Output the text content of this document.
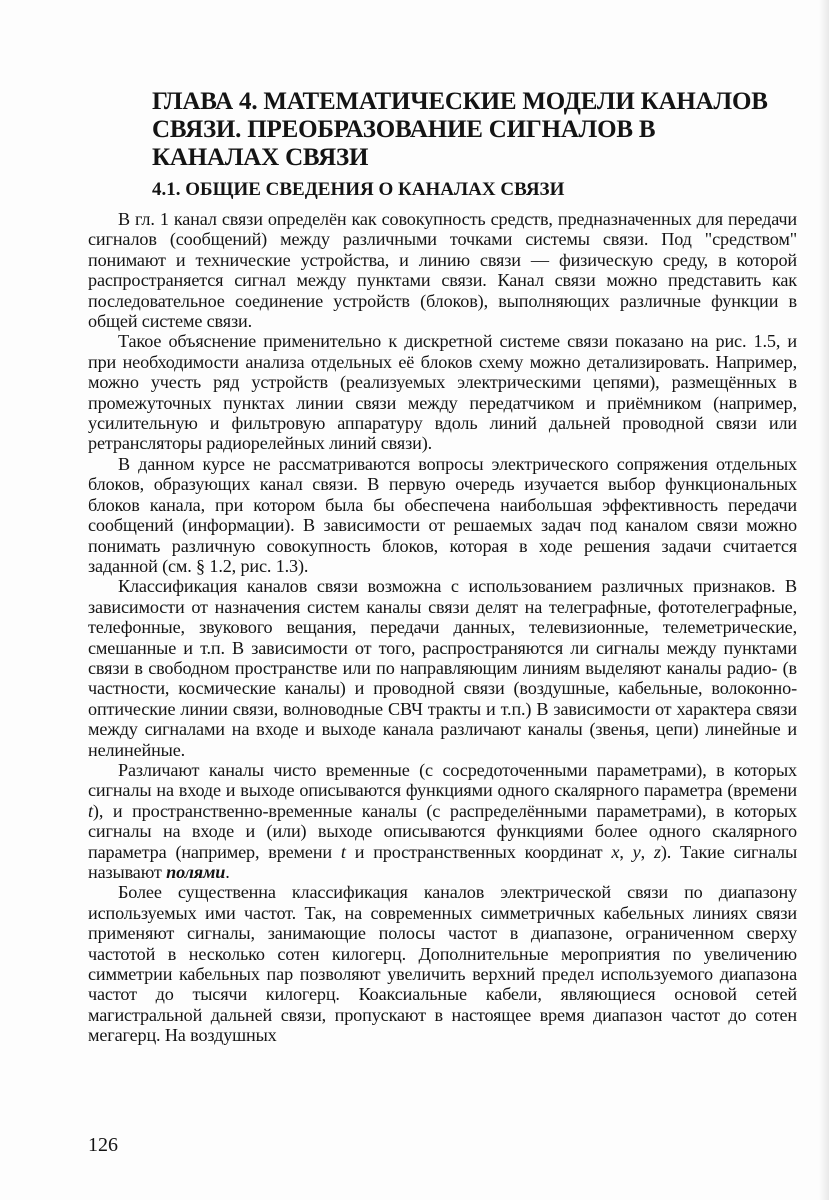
ГЛАВА 4. МАТЕМАТИЧЕСКИЕ МОДЕЛИ КАНАЛОВ СВЯЗИ. ПРЕОБРАЗОВАНИЕ СИГНАЛОВ В КАНАЛАХ СВЯЗИ
4.1. ОБЩИЕ СВЕДЕНИЯ О КАНАЛАХ СВЯЗИ

В гл. 1 канал связи определён как совокупность средств, предназначенных для передачи сигналов (сообщений) между различными точками системы связи. Под "средством" понимают и технические устройства, и линию связи — физическую среду, в которой распространяется сигнал между пунктами связи. Канал связи можно представить как последовательное соединение устройств (блоков), выполняющих различные функции в общей системе связи.

Такое объяснение применительно к дискретной системе связи показано на рис. 1.5, и при необходимости анализа отдельных её блоков схему можно детализировать. Например, можно учесть ряд устройств (реализуемых электрическими цепями), размещённых в промежуточных пунктах линии связи между передатчиком и приёмником (например, усилительную и фильтровую аппаратуру вдоль линий дальней проводной связи или ретрансляторы радиорелейных линий связи).

В данном курсе не рассматриваются вопросы электрического сопряжения отдельных блоков, образующих канал связи. В первую очередь изучается выбор функциональных блоков канала, при котором была бы обеспечена наибольшая эффективность передачи сообщений (информации). В зависимости от решаемых задач под каналом связи можно понимать различную совокупность блоков, которая в ходе решения задачи считается заданной (см. § 1.2, рис. 1.3).

Классификация каналов связи возможна с использованием различных признаков. В зависимости от назначения систем каналы связи делят на телеграфные, фототелеграфные, телефонные, звукового вещания, передачи данных, телевизионные, телеметрические, смешанные и т.п. В зависимости от того, распространяются ли сигналы между пунктами связи в свободном пространстве или по направляющим линиям выделяют каналы радио- (в частности, космические каналы) и проводной связи (воздушные, кабельные, волоконно-оптические линии связи, волноводные СВЧ тракты и т.п.) В зависимости от характера связи между сигналами на входе и выходе канала различают каналы (звенья, цепи) линейные и нелинейные.

Различают каналы чисто временные (с сосредоточенными параметрами), в которых сигналы на входе и выходе описываются функциями одного скалярного параметра (времени t), и пространственно-временные каналы (с распределёнными параметрами), в которых сигналы на входе и (или) выходе описываются функциями более одного скалярного параметра (например, времени t и пространственных координат x, y, z). Такие сигналы называют полями.

Более существенна классификация каналов электрической связи по диапазону используемых ими частот. Так, на современных симметричных кабельных линиях связи применяют сигналы, занимающие полосы частот в диапазоне, ограниченном сверху частотой в несколько сотен килогерц. Дополнительные мероприятия по увеличению симметрии кабельных пар позволяют увеличить верхний предел используемого диапазона частот до тысячи килогерц. Коаксиальные кабели, являющиеся основой сетей магистральной дальней связи, пропускают в настоящее время диапазон частот до сотен мегагерц. На воздушных

126
